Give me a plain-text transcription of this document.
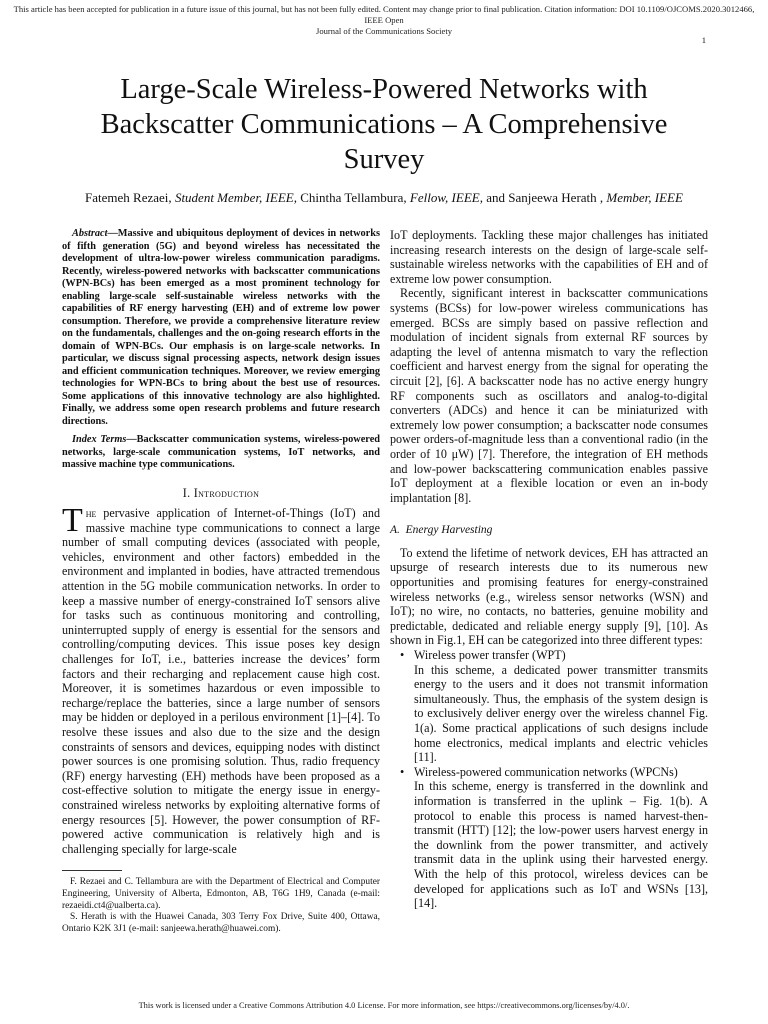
This article has been accepted for publication in a future issue of this journal, but has not been fully edited. Content may change prior to final publication. Citation information: DOI 10.1109/OJCOMS.2020.3012466, IEEE Open
Journal of the Communications Society
1
Large-Scale Wireless-Powered Networks with
Backscatter Communications – A Comprehensive
Survey
Fatemeh Rezaei, Student Member, IEEE, Chintha Tellambura, Fellow, IEEE, and Sanjeewa Herath , Member, IEEE

Abstract—Massive and ubiquitous deployment of devices in networks of fifth generation (5G) and beyond wireless has necessitated the development of ultra-low-power wireless communication paradigms. Recently, wireless-powered networks with backscatter communications (WPN-BCs) has been emerged as a most prominent technology for enabling large-scale self-sustainable wireless networks with the capabilities of RF energy harvesting (EH) and of extreme low power consumption. Therefore, we provide a comprehensive literature review on the fundamentals, challenges and the on-going research efforts in the domain of WPN-BCs. Our emphasis is on large-scale networks. In particular, we discuss signal processing aspects, network design issues and efficient communication techniques. Moreover, we review emerging technologies for WPN-BCs to bring about the best use of resources. Some applications of this innovative technology are also highlighted. Finally, we address some open research problems and future research directions.

Index Terms—Backscatter communication systems, wireless-powered networks, large-scale communication systems, IoT networks, and massive machine type communications.

I. Introduction

The pervasive application of Internet-of-Things (IoT) and massive machine type communications to connect a large number of small computing devices (associated with people, vehicles, environment and other factors) embedded in the environment and implanted in bodies, have attracted tremendous attention in the 5G mobile communication networks. In order to keep a massive number of energy-constrained IoT sensors alive for tasks such as continuous monitoring and controlling, uninterrupted supply of energy is essential for the sensors and controlling/computing devices. This issue poses key design challenges for IoT, i.e., batteries increase the devices’ form factors and their recharging and replacement cause high cost. Moreover, it is sometimes hazardous or even impossible to recharge/replace the batteries, since a large number of sensors may be hidden or deployed in a perilous environment [1]–[4]. To resolve these issues and also due to the size and the design constraints of sensors and devices, equipping nodes with distinct power sources is one promising solution. Thus, radio frequency (RF) energy harvesting (EH) methods have been proposed as a cost-effective solution to mitigate the energy issue in energy-constrained wireless networks by exploiting alternative forms of energy resources [5]. However, the power consumption of RF-powered active communication is relatively high and is challenging specially for large-scale

F. Rezaei and C. Tellambura are with the Department of Electrical and Computer Engineering, University of Alberta, Edmonton, AB, T6G 1H9, Canada (e-mail: rezaeidi.ct4@ualberta.ca).

S. Herath is with the Huawei Canada, 303 Terry Fox Drive, Suite 400, Ottawa, Ontario K2K 3J1 (e-mail: sanjeewa.herath@huawei.com).

IoT deployments. Tackling these major challenges has initiated increasing research interests on the design of large-scale self-sustainable wireless networks with the capabilities of EH and of extreme low power consumption.

Recently, significant interest in backscatter communications systems (BCSs) for low-power wireless communications has emerged. BCSs are simply based on passive reflection and modulation of incident signals from external RF sources by adapting the level of antenna mismatch to vary the reflection coefficient and harvest energy from the signal for operating the circuit [2], [6]. A backscatter node has no active energy hungry RF components such as oscillators and analog-to-digital converters (ADCs) and hence it can be miniaturized with extremely low power consumption; a backscatter node consumes power orders-of-magnitude less than a conventional radio (in the order of 10 μW) [7]. Therefore, the integration of EH methods and low-power backscattering communication enables passive IoT deployment at a flexible location or even an in-body implantation [8].

A. Energy Harvesting

To extend the lifetime of network devices, EH has attracted an upsurge of research interests due to its numerous new opportunities and promising features for energy-constrained wireless networks (e.g., wireless sensor networks (WSN) and IoT); no wire, no contacts, no batteries, genuine mobility and predictable, dedicated and reliable energy supply [9], [10]. As shown in Fig.1, EH can be categorized into three different types:

• Wireless power transfer (WPT)
In this scheme, a dedicated power transmitter transmits energy to the users and it does not transmit information simultaneously. Thus, the emphasis of the system design is to exclusively deliver energy over the wireless channel Fig. 1(a). Some practical applications of such designs include home electronics, medical implants and electric vehicles [11].
• Wireless-powered communication networks (WPCNs)
In this scheme, energy is transferred in the downlink and information is transferred in the uplink – Fig. 1(b). A protocol to enable this process is named harvest-then-transmit (HTT) [12]; the low-power users harvest energy in the downlink from the power transmitter, and actively transmit data in the uplink using their harvested energy. With the help of this protocol, wireless devices can be developed for applications such as IoT and WSNs [13], [14].
This work is licensed under a Creative Commons Attribution 4.0 License. For more information, see https://creativecommons.org/licenses/by/4.0/.
